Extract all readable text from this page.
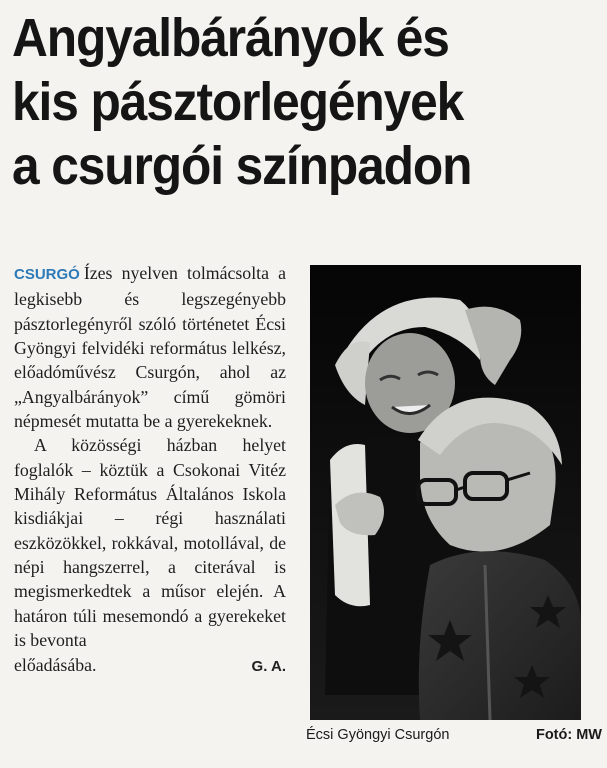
Angyalbárányok és
kis pásztorlegények
a csurgói színpadon

CSURGÓ Ízes nyelven tolmácsolta a legkisebb és legszegényebb pásztorlegényről szóló történetet Écsi Gyöngyi felvidéki református lelkész, előadóművész Csurgón, ahol az „Angyalbárányok” című gömöri népmesét mutatta be a gyerekeknek.

A közösségi házban helyet foglalók – köztük a Csokonai Vitéz Mihály Református Általános Iskola kisdiákjai – régi használati eszközökkel, rokkával, motollával, de népi hangszerrel, a citerával is megismerkedtek a műsor elején. A határon túli mesemondó a gyerekeket is bevonta

előadásába.	G. A.
Écsi Gyöngyi Csurgón	Fotó: MW
